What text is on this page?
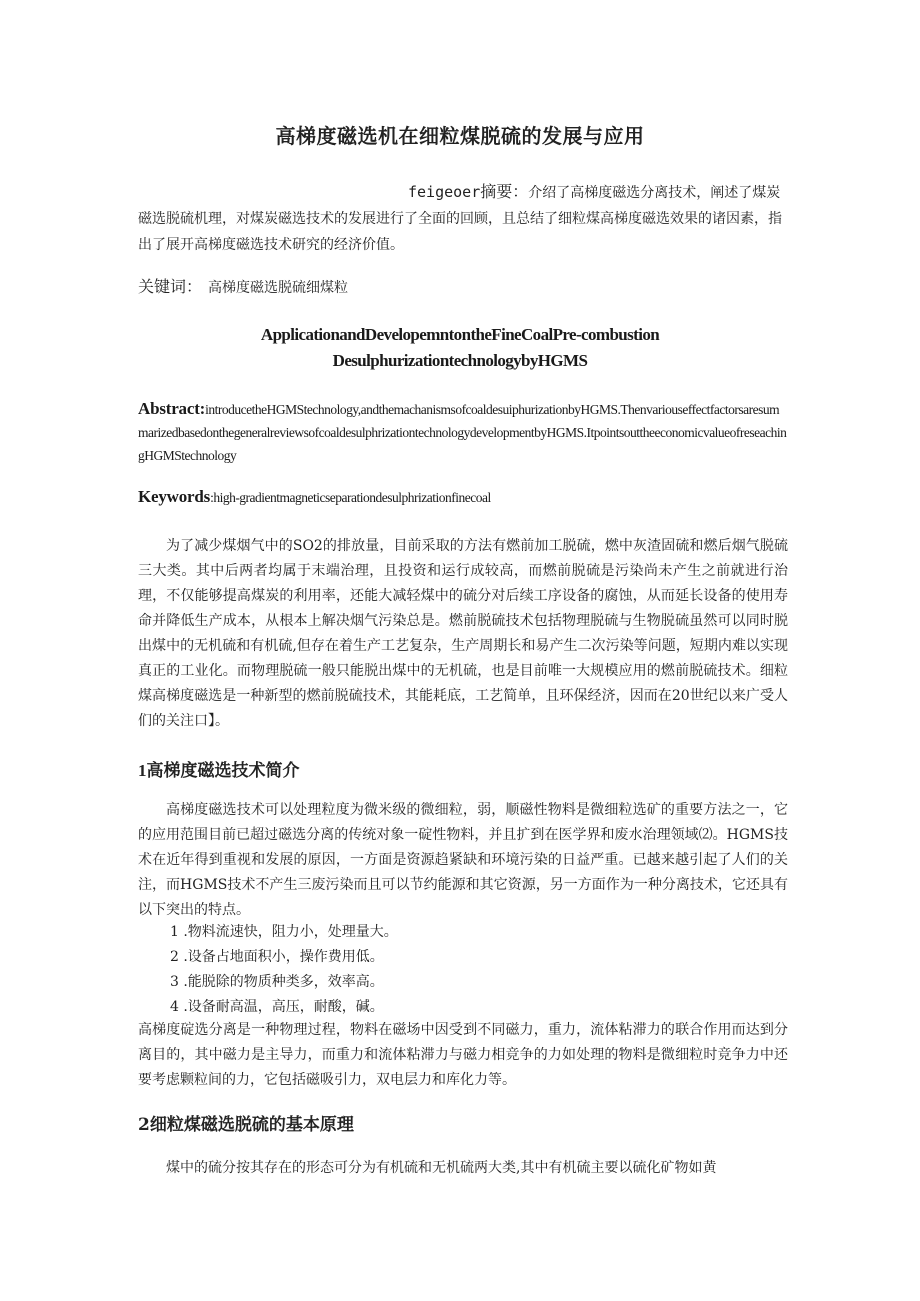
高梯度磁选机在细粒煤脱硫的发展与应用

feigeoer摘要：介绍了高梯度磁选分离技术，阐述了煤炭磁选脱硫机理，对煤炭磁选技术的发展进行了全面的回顾，且总结了细粒煤高梯度磁选效果的诸因素，指出了展开高梯度磁选技术研究的经济价值。

关键词： 高梯度磁选脱硫细煤粒

ApplicationandDevelopemntontheFineCoalPre-combustion
DesulphurizationtechnologybyHGMS

Abstract:introducetheHGMStechnology,andthemachanismsofcoaldesuiphurizationbyHGMS.ThenvariouseffectfactorsaresummarizedbasedonthegeneralreviewsofcoaldesulphrizationtechnologydevelopmentbyHGMS.ItpointsouttheeconomicvalueofreseachingHGMStechnology

Keywords:high-gradientmagneticseparationdesulphrizationfinecoal

为了减少煤烟气中的SO2的排放量，目前采取的方法有燃前加工脱硫，燃中灰渣固硫和燃后烟气脱硫三大类。其中后两者均属于末端治理，且投资和运行成较高，而燃前脱硫是污染尚未产生之前就进行治理，不仅能够提高煤炭的利用率，还能大减轻煤中的硫分对后续工序设备的腐蚀，从而延长设备的使用寿命并降低生产成本，从根本上解决烟气污染总是。燃前脱硫技术包括物理脱硫与生物脱硫虽然可以同时脱出煤中的无机硫和有机硫,但存在着生产工艺复杂，生产周期长和易产生二次污染等问题，短期内难以实现真正的工业化。而物理脱硫一般只能脱出煤中的无机硫，也是目前唯一大规模应用的燃前脱硫技术。细粒煤高梯度磁选是一种新型的燃前脱硫技术，其能耗底，工艺简单，且环保经济，因而在20世纪以来广受人们的关注口】。

1高梯度磁选技术简介

高梯度磁选技术可以处理粒度为微米级的微细粒，弱，顺磁性物料是微细粒选矿的重要方法之一，它的应用范围目前已超过磁选分离的传统对象一碇性物料，并且扩到在医学界和废水治理领域⑵。HGMS技术在近年得到重视和发展的原因，一方面是资源趋紧缺和环境污染的日益严重。已越来越引起了人们的关注，而HGMS技术不产生三废污染而且可以节约能源和其它资源，另一方面作为一种分离技术，它还具有以下突出的特点。

1 .物料流速快，阻力小，处理量大。
2 .设备占地面积小，操作费用低。
3 .能脱除的物质种类多，效率高。
4 .设备耐高温，高压，耐酸，碱。

高梯度碇选分离是一种物理过程，物料在磁场中因受到不同磁力，重力，流体粘滞力的联合作用而达到分离目的，其中磁力是主导力，而重力和流体粘滞力与磁力相竞争的力如处理的物料是微细粒时竞争力中还要考虑颗粒间的力，它包括磁吸引力，双电层力和库化力等。

2细粒煤磁选脱硫的基本原理

煤中的硫分按其存在的形态可分为有机硫和无机硫两大类,其中有机硫主要以硫化矿物如黄
